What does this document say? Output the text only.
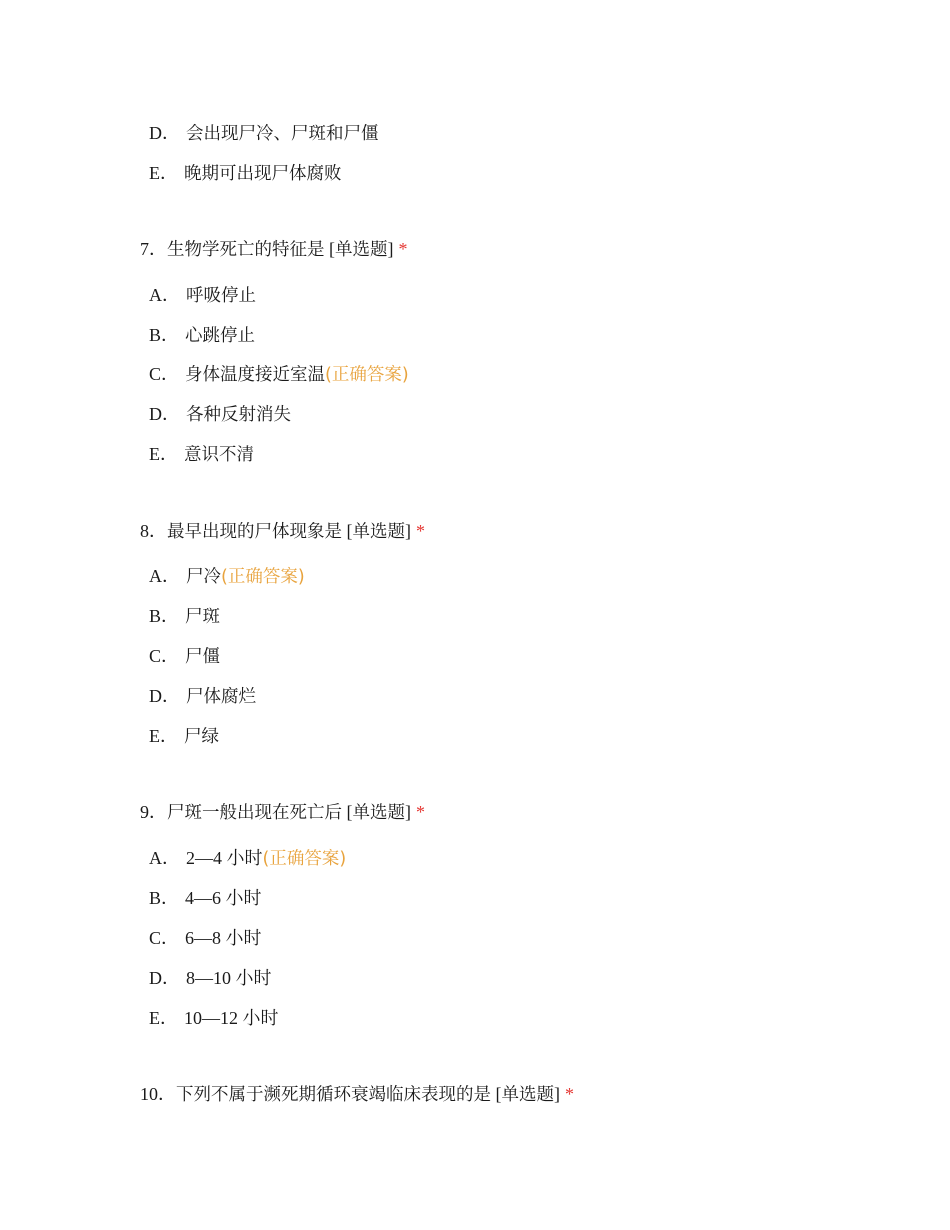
D． 会出现尸冷、尸斑和尸僵
E． 晚期可出现尸体腐败
7．生物学死亡的特征是 [单选题] *
A． 呼吸停止
B． 心跳停止
C． 身体温度接近室温(正确答案)
D． 各种反射消失
E． 意识不清
8．最早出现的尸体现象是 [单选题] *
A． 尸冷(正确答案)
B． 尸斑
C． 尸僵
D． 尸体腐烂
E． 尸绿
9．尸斑一般出现在死亡后 [单选题] *
A． 2—4 小时(正确答案)
B． 4—6 小时
C． 6—8 小时
D． 8—10 小时
E． 10—12 小时
10．下列不属于濒死期循环衰竭临床表现的是 [单选题] *
